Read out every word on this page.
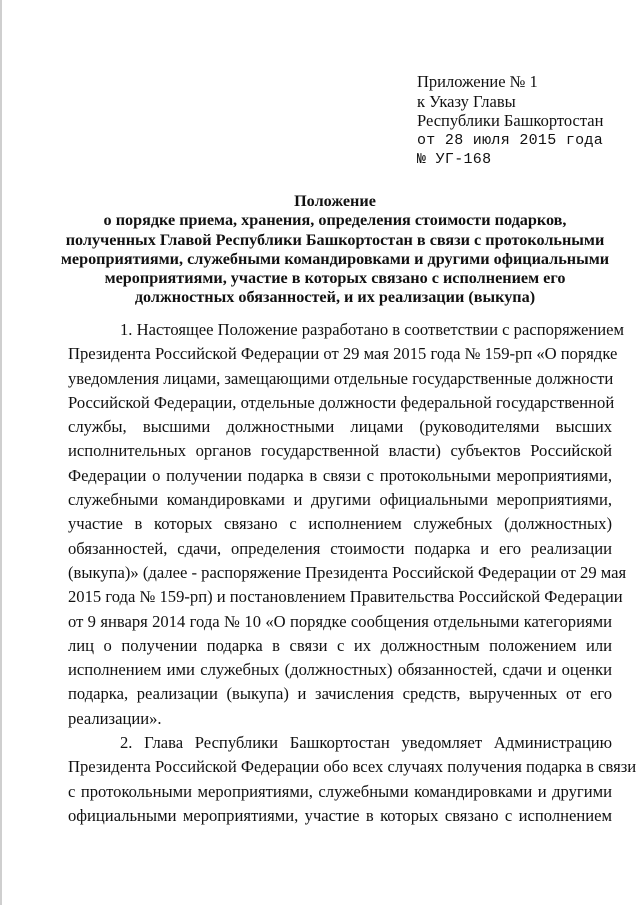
Приложение № 1
к Указу Главы
Республики Башкортостан
от 28 июля 2015 года
№ УГ-168
Положение
о порядке приема, хранения, определения стоимости подарков,
полученных Главой Республики Башкортостан в связи с протокольными
мероприятиями, служебными командировками и другими официальными
мероприятиями, участие в которых связано с исполнением его
должностных обязанностей, и их реализации (выкупа)
1. Настоящее Положение разработано в соответствии с распоряжением
Президента Российской Федерации от 29 мая 2015 года № 159-рп «О порядке
уведомления лицами, замещающими отдельные государственные должности
Российской Федерации, отдельные должности федеральной государственной
службы, высшими должностными лицами (руководителями высших
исполнительных органов государственной власти) субъектов Российской
Федерации о получении подарка в связи с протокольными мероприятиями,
служебными командировками и другими официальными мероприятиями,
участие в которых связано с исполнением служебных (должностных)
обязанностей, сдачи, определения стоимости подарка и его реализации
(выкупа)» (далее - распоряжение Президента Российской Федерации от 29 мая
2015 года № 159-рп) и постановлением Правительства Российской Федерации
от 9 января 2014 года № 10 «О порядке сообщения отдельными категориями
лиц о получении подарка в связи с их должностным положением или
исполнением ими служебных (должностных) обязанностей, сдачи и оценки
подарка, реализации (выкупа) и зачисления средств, вырученных от его
реализации».
2. Глава Республики Башкортостан уведомляет Администрацию
Президента Российской Федерации обо всех случаях получения подарка в связи
с протокольными мероприятиями, служебными командировками и другими
официальными мероприятиями, участие в которых связано с исполнением
